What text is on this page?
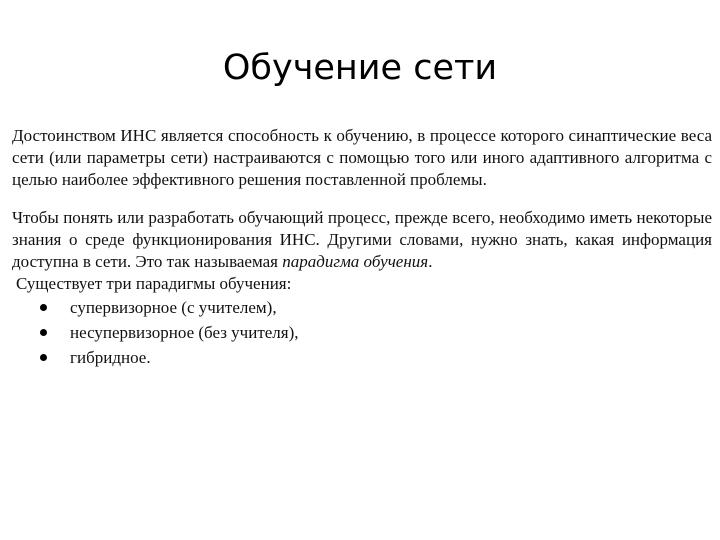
Обучение сети

Достоинством ИНС является способность к обучению, в процессе которого синаптические веса сети (или параметры сети) настраиваются с помощью того или иного адаптивного алгоритма с целью наиболее эффективного решения поставленной проблемы.

Чтобы понять или разработать обучающий процесс, прежде всего, необходимо иметь некоторые знания о среде функционирования ИНС. Другими словами, нужно знать, какая информация доступна в сети. Это так называемая парадигма обучения.

Существует три парадигмы обучения:

супервизорное (с учителем),
несупервизорное (без учителя),
гибридное.
